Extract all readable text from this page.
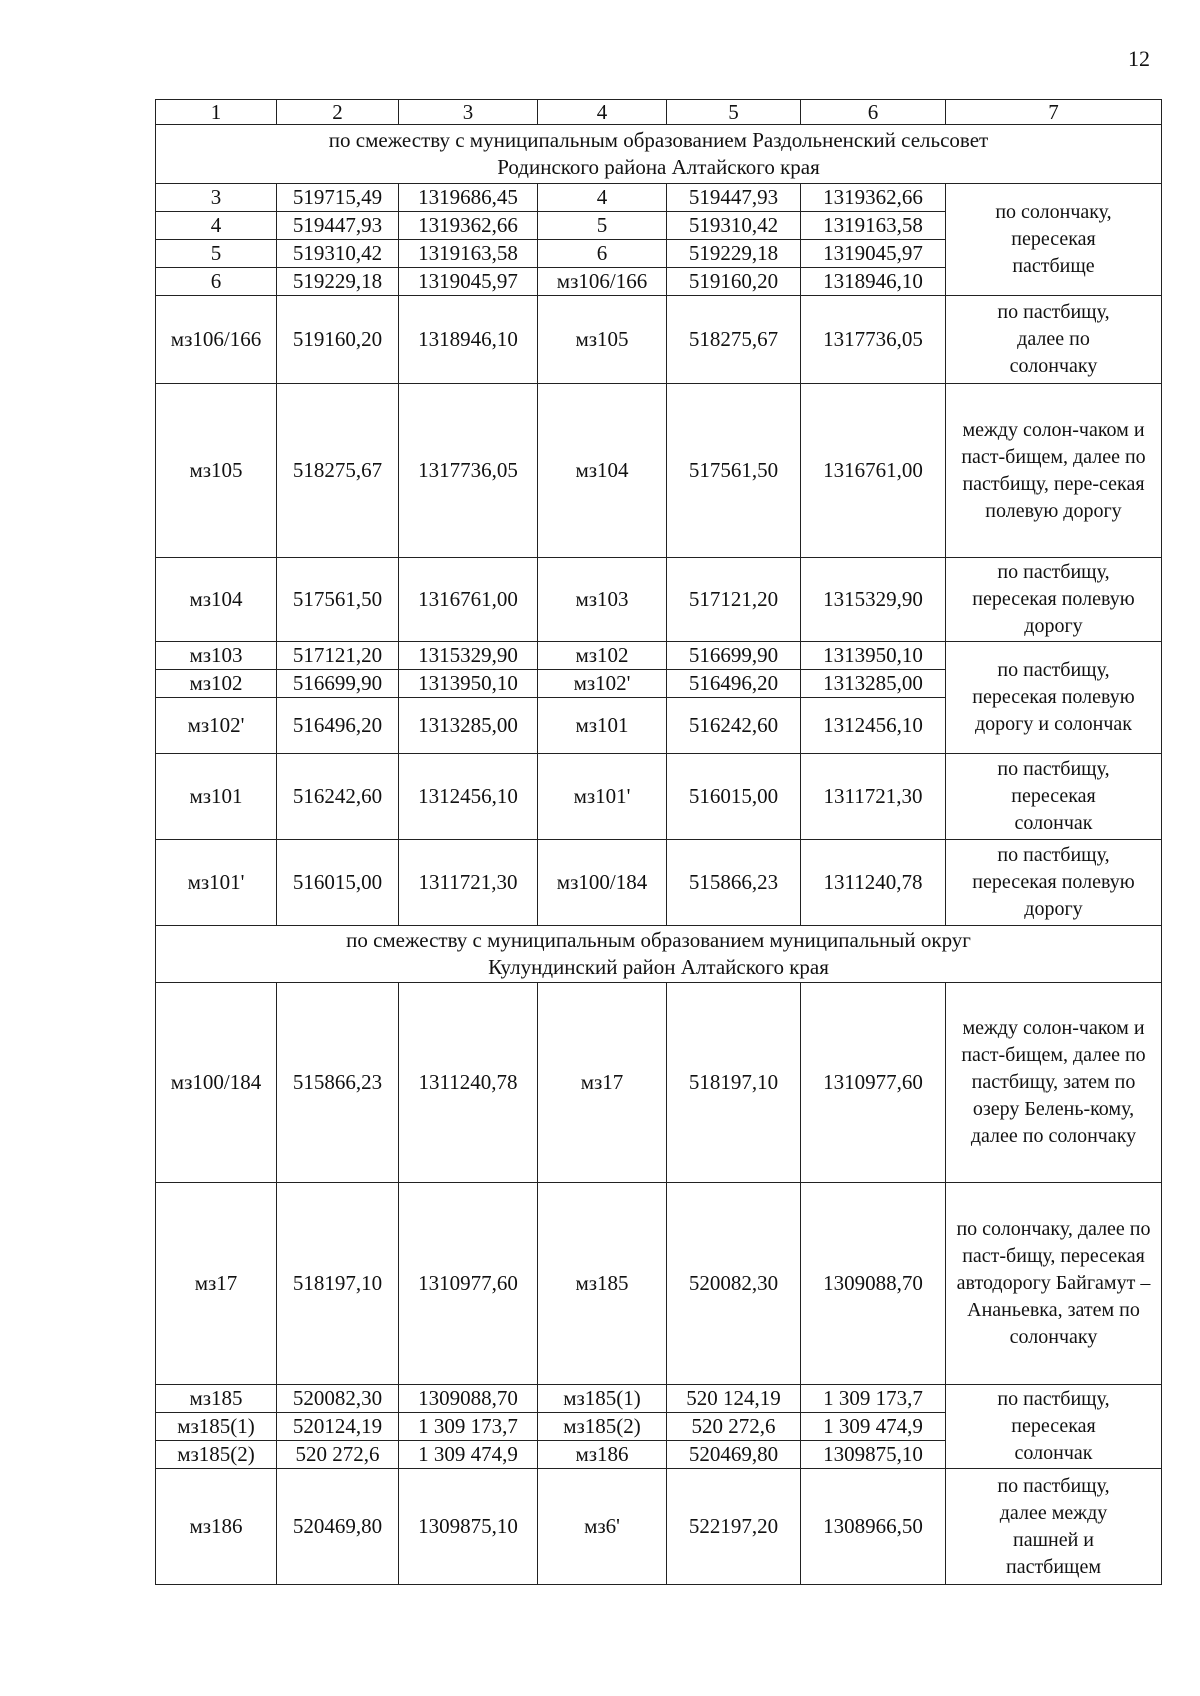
12
1	2	3	4	5	6	7
по смежеству с муниципальным образованием Раздольненский сельсовет Родинского района Алтайского края						
3	519715,49	1319686,45	4	519447,93	1319362,66	по солончаку, пересекая пастбище
4	519447,93	1319362,66	5	519310,42	1319163,58	
5	519310,42	1319163,58	6	519229,18	1319045,97	
6	519229,18	1319045,97	мз106/166	519160,20	1318946,10	
мз106/166	519160,20	1318946,10	мз105	518275,67	1317736,05	по пастбищу, далее по солончаку
мз105	518275,67	1317736,05	мз104	517561,50	1316761,00	между солон-чаком и паст-бищем, далее по пастбищу, пере-секая полевую дорогу
мз104	517561,50	1316761,00	мз103	517121,20	1315329,90	по пастбищу, пересекая полевую дорогу
мз103	517121,20	1315329,90	мз102	516699,90	1313950,10	по пастбищу, пересекая полевую дорогу и солончак
мз102	516699,90	1313950,10	мз102'	516496,20	1313285,00	
мз102'	516496,20	1313285,00	мз101	516242,60	1312456,10	
мз101	516242,60	1312456,10	мз101'	516015,00	1311721,30	по пастбищу, пересекая солончак
мз101'	516015,00	1311721,30	мз100/184	515866,23	1311240,78	по пастбищу, пересекая полевую дорогу
по смежеству с муниципальным образованием муниципальный округ Кулундинский район Алтайского края						
мз100/184	515866,23	1311240,78	мз17	518197,10	1310977,60	между солон-чаком и паст-бищем, далее по пастбищу, затем по озеру Белень-кому, далее по солончаку
мз17	518197,10	1310977,60	мз185	520082,30	1309088,70	по солончаку, далее по паст-бищу, пересекая автодорогу Байгамут – Ананьевка, затем по солончаку
мз185	520082,30	1309088,70	мз185(1)	520 124,19	1 309 173,7	по пастбищу, пересекая солончак
мз185(1)	520124,19	1 309 173,7	мз185(2)	520 272,6	1 309 474,9	
мз185(2)	520 272,6	1 309 474,9	мз186	520469,80	1309875,10	
мз186	520469,80	1309875,10	мз6'	522197,20	1308966,50	по пастбищу, далее между пашней и пастбищем
